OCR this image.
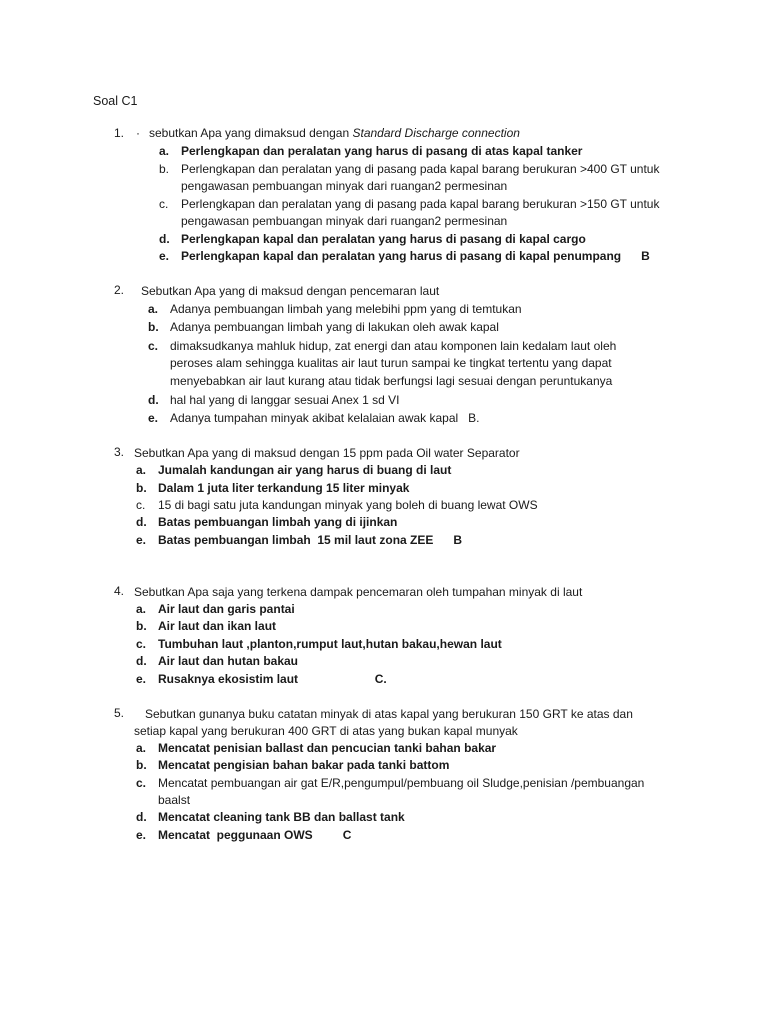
Soal C1
1. · sebutkan Apa yang dimaksud dengan Standard Discharge connection
a. Perlengkapan dan peralatan yang harus di pasang di atas kapal tanker
b. Perlengkapan dan peralatan yang di pasang pada kapal barang berukuran >400 GT untuk pengawasan pembuangan minyak dari ruangan2 permesinan
c. Perlengkapan dan peralatan yang di pasang pada kapal barang berukuran >150 GT untuk pengawasan pembuangan minyak dari ruangan2 permesinan
d. Perlengkapan kapal dan peralatan yang harus di pasang di kapal cargo
e. Perlengkapan kapal dan peralatan yang harus di pasang di kapal penumpang      B
2. Sebutkan Apa yang di maksud dengan pencemaran laut
a. Adanya pembuangan limbah yang melebihi ppm yang di temtukan
b. Adanya pembuangan limbah yang di lakukan oleh awak kapal
c. dimaksudkanya mahluk hidup, zat energi dan atau komponen lain kedalam laut oleh peroses alam sehingga kualitas air laut turun sampai ke tingkat tertentu yang dapat menyebabkan air laut kurang atau tidak berfungsi lagi sesuai dengan peruntukanya
d. hal hal yang di langgar sesuai Anex 1 sd VI
e. Adanya tumpahan minyak akibat kelalaian awak kapal   B.
3. Sebutkan Apa yang di maksud dengan 15 ppm pada Oil water Separator
a. Jumalah kandungan air yang harus di buang di laut
b. Dalam 1 juta liter terkandung 15 liter minyak
c. 15 di bagi satu juta kandungan minyak yang boleh di buang lewat OWS
d. Batas pembuangan limbah yang di ijinkan
e. Batas pembuangan limbah  15 mil laut zona ZEE      B
4. Sebutkan Apa saja yang terkena dampak pencemaran oleh tumpahan minyak di laut
a. Air laut dan garis pantai
b. Air laut dan ikan laut
c. Tumbuhan laut ,planton,rumput laut,hutan bakau,hewan laut
d. Air laut dan hutan bakau
e. Rusaknya ekosistim laut                       C.
5. Sebutkan gunanya buku catatan minyak di atas kapal yang berukuran 150 GRT ke atas dan
setiap kapal yang berukuran 400 GRT di atas yang bukan kapal munyak
a. Mencatat penisian ballast dan pencucian tanki bahan bakar
b. Mencatat pengisian bahan bakar pada tanki battom
c. Mencatat pembuangan air gat E/R,pengumpul/pembuang oil Sludge,penisian /pembuangan baalst
d. Mencatat cleaning tank BB dan ballast tank
e. Mencatat  peggunaan OWS         C
